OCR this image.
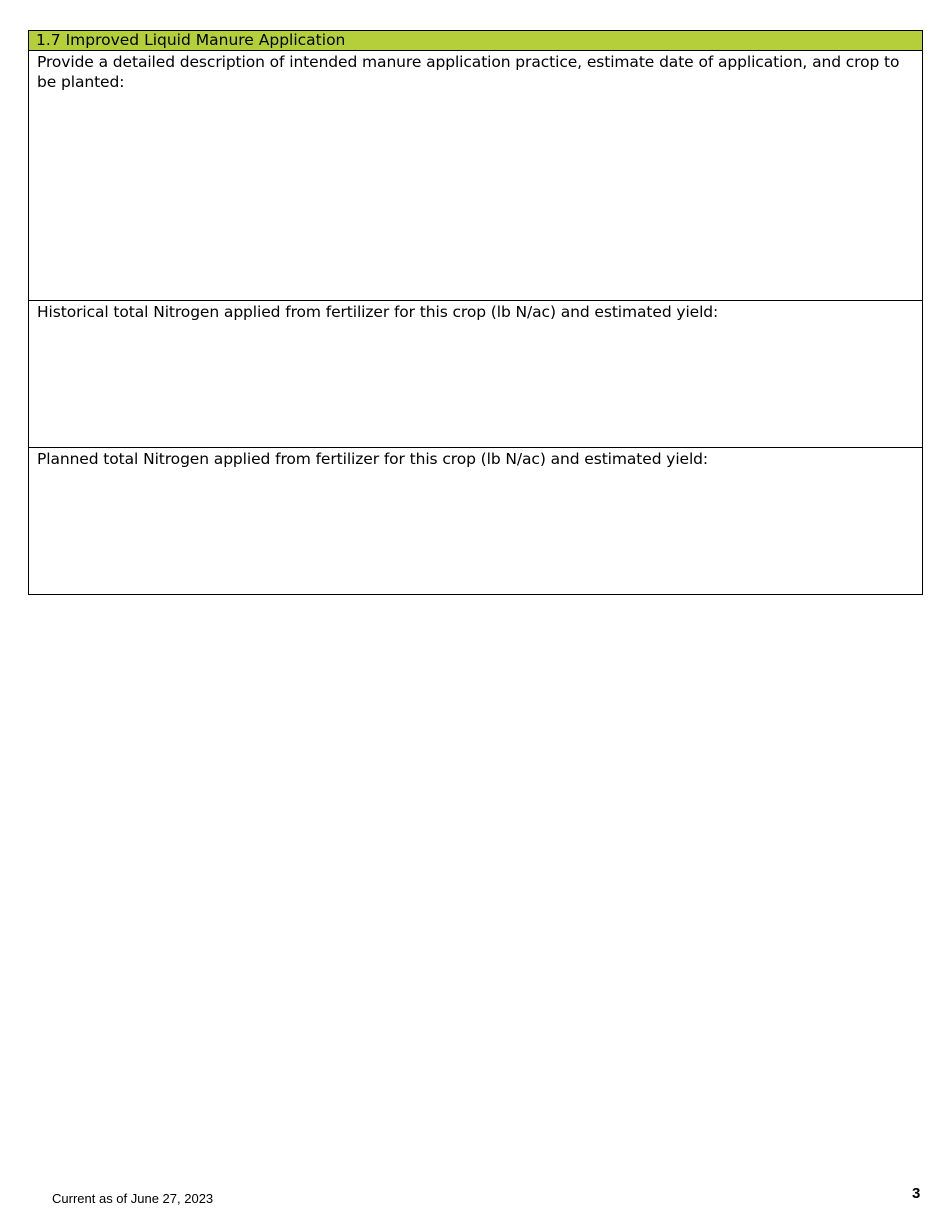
1.7 Improved Liquid Manure Application
Provide a detailed description of intended manure application practice, estimate date of application, and crop to be planted:
Historical total Nitrogen applied from fertilizer for this crop (lb N/ac) and estimated yield:
Planned total Nitrogen applied from fertilizer for this crop (lb N/ac) and estimated yield:
Current as of June 27, 2023	3
